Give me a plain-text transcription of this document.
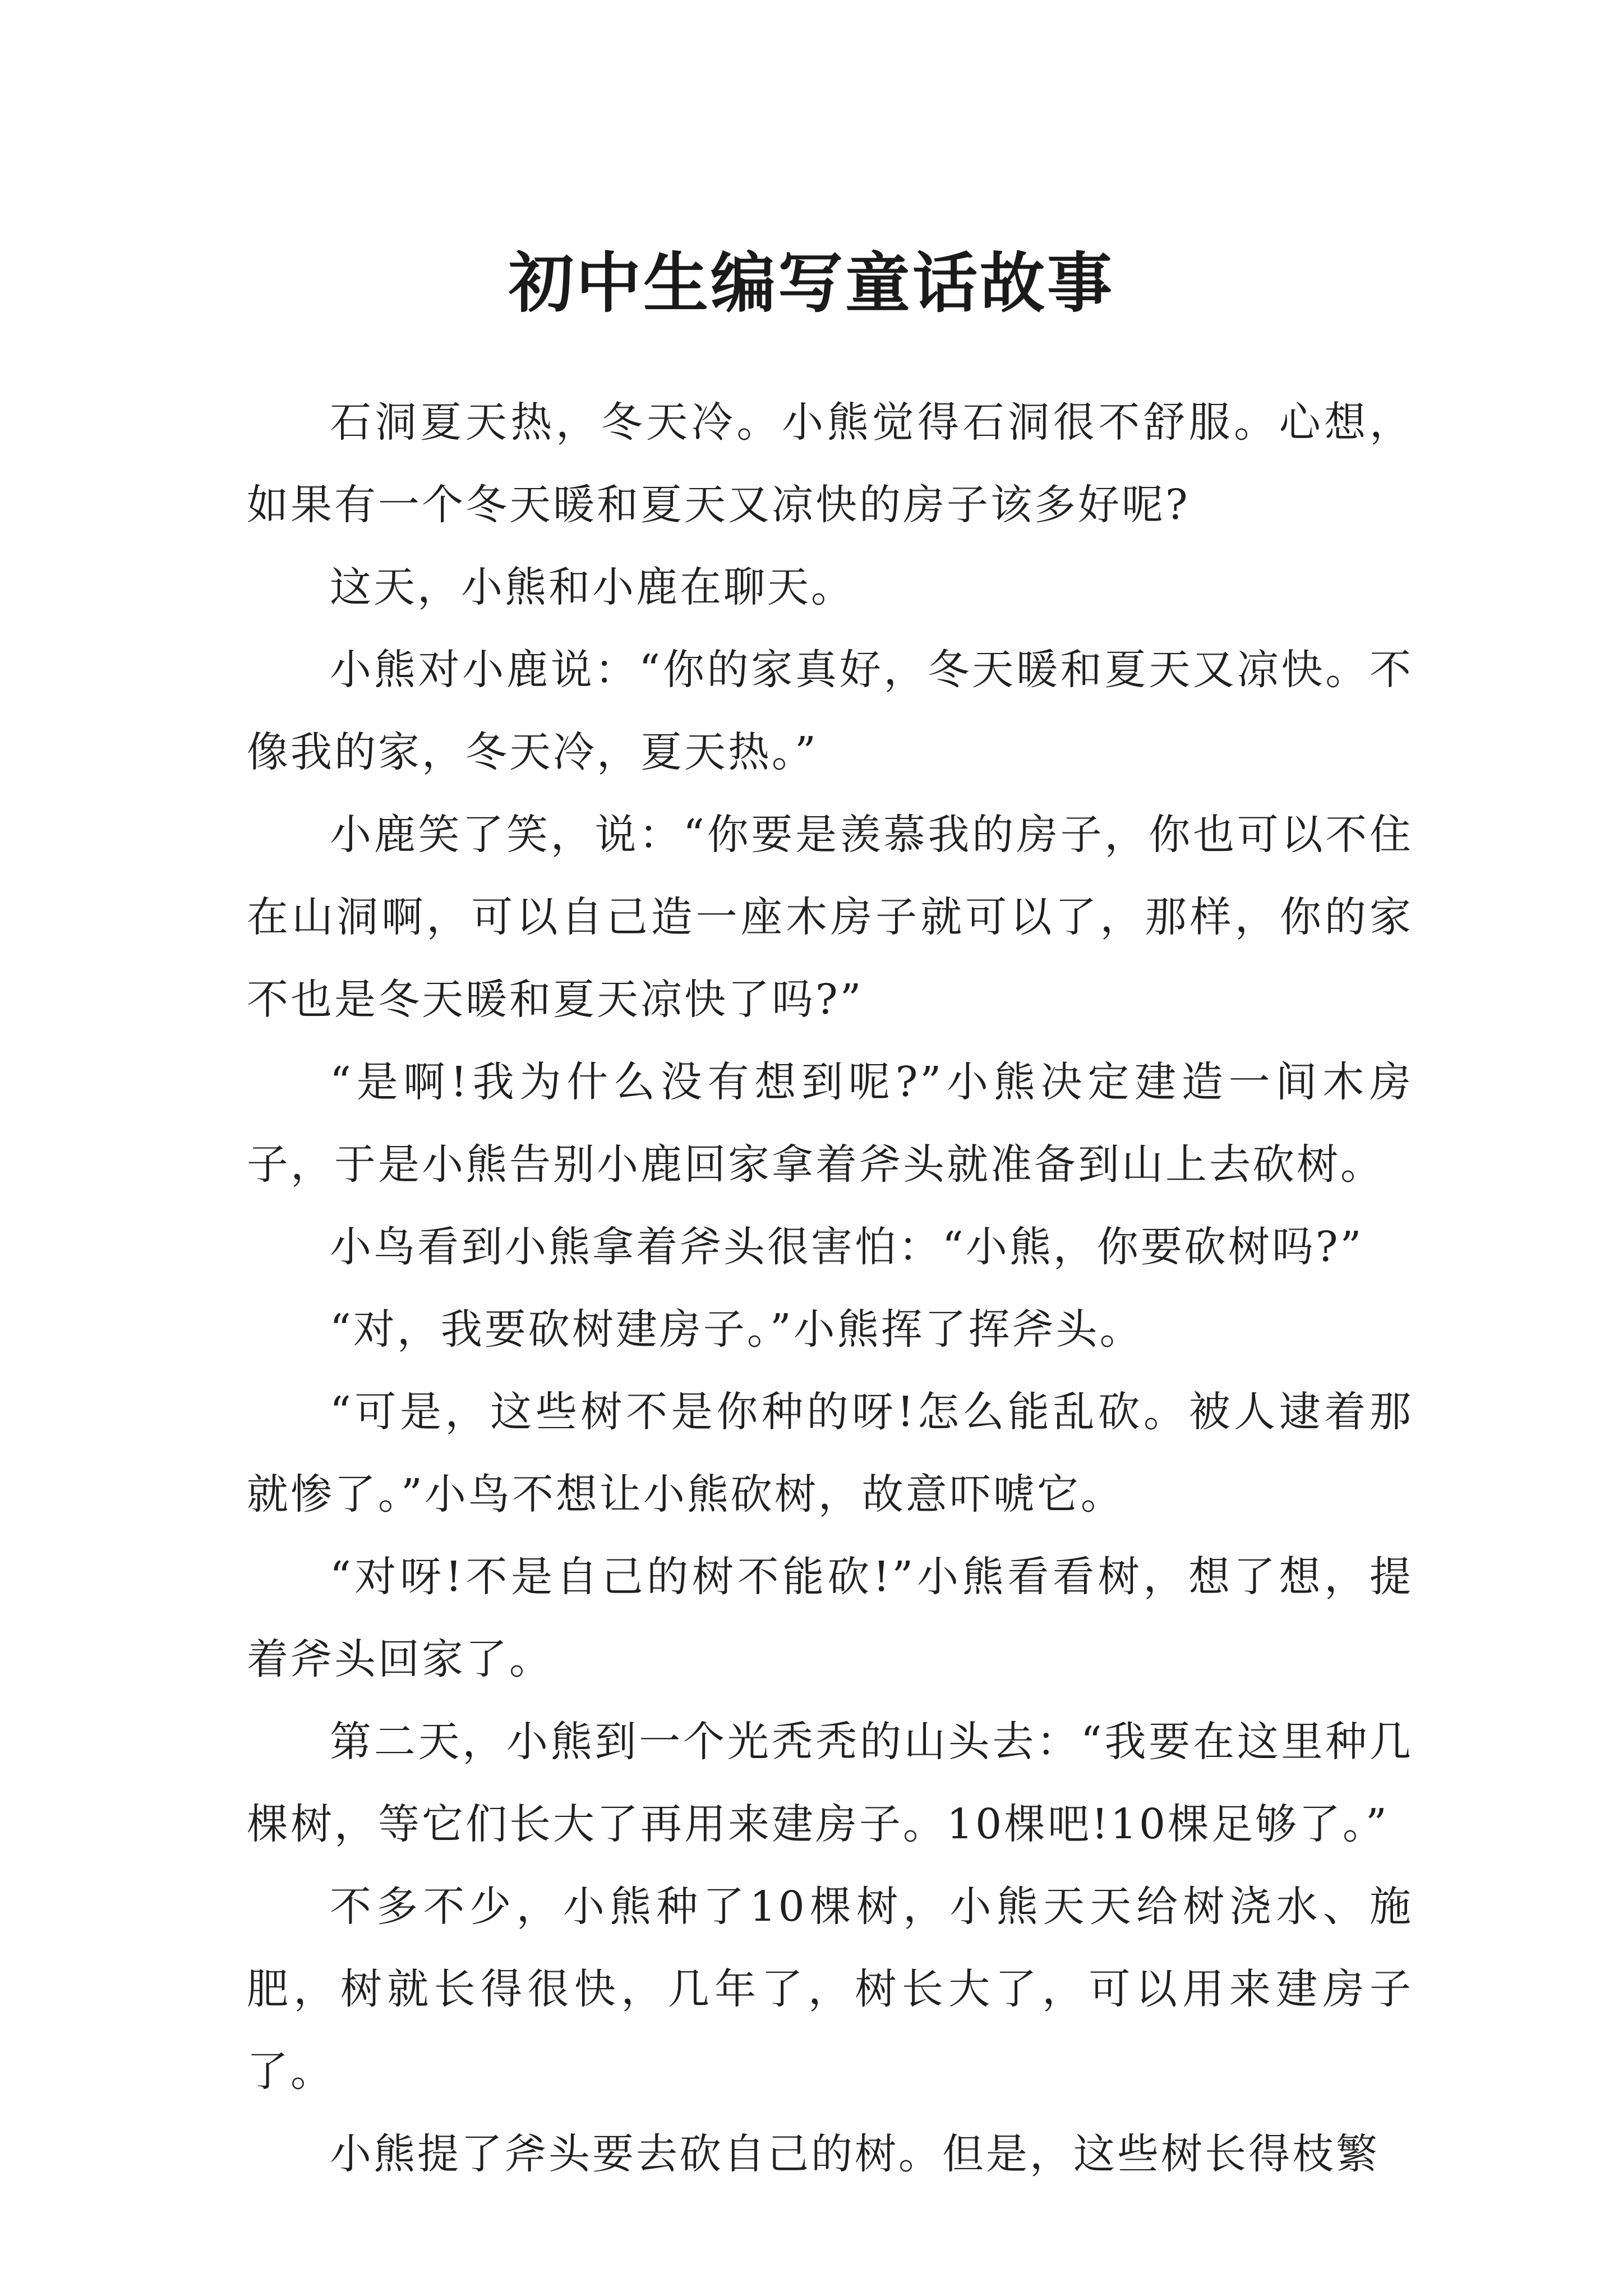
初中生编写童话故事

石洞夏天热，冬天冷。小熊觉得石洞很不舒服。心想，如果有一个冬天暖和夏天又凉快的房子该多好呢?

这天，小熊和小鹿在聊天。

小熊对小鹿说：“你的家真好，冬天暖和夏天又凉快。不像我的家，冬天冷，夏天热。”

小鹿笑了笑，说：“你要是羡慕我的房子，你也可以不住在山洞啊，可以自己造一座木房子就可以了，那样，你的家不也是冬天暖和夏天凉快了吗?”

“是啊!我为什么没有想到呢?”小熊决定建造一间木房子，于是小熊告别小鹿回家拿着斧头就准备到山上去砍树。

小鸟看到小熊拿着斧头很害怕：“小熊，你要砍树吗?”

“对，我要砍树建房子。”小熊挥了挥斧头。

“可是，这些树不是你种的呀!怎么能乱砍。被人逮着那就惨了。”小鸟不想让小熊砍树，故意吓唬它。

“对呀!不是自己的树不能砍!”小熊看看树，想了想，提着斧头回家了。

第二天，小熊到一个光秃秃的山头去：“我要在这里种几棵树，等它们长大了再用来建房子。10棵吧!10棵足够了。”

不多不少，小熊种了10棵树，小熊天天给树浇水、施肥，树就长得很快，几年了，树长大了，可以用来建房子了。

小熊提了斧头要去砍自己的树。但是，这些树长得枝繁
